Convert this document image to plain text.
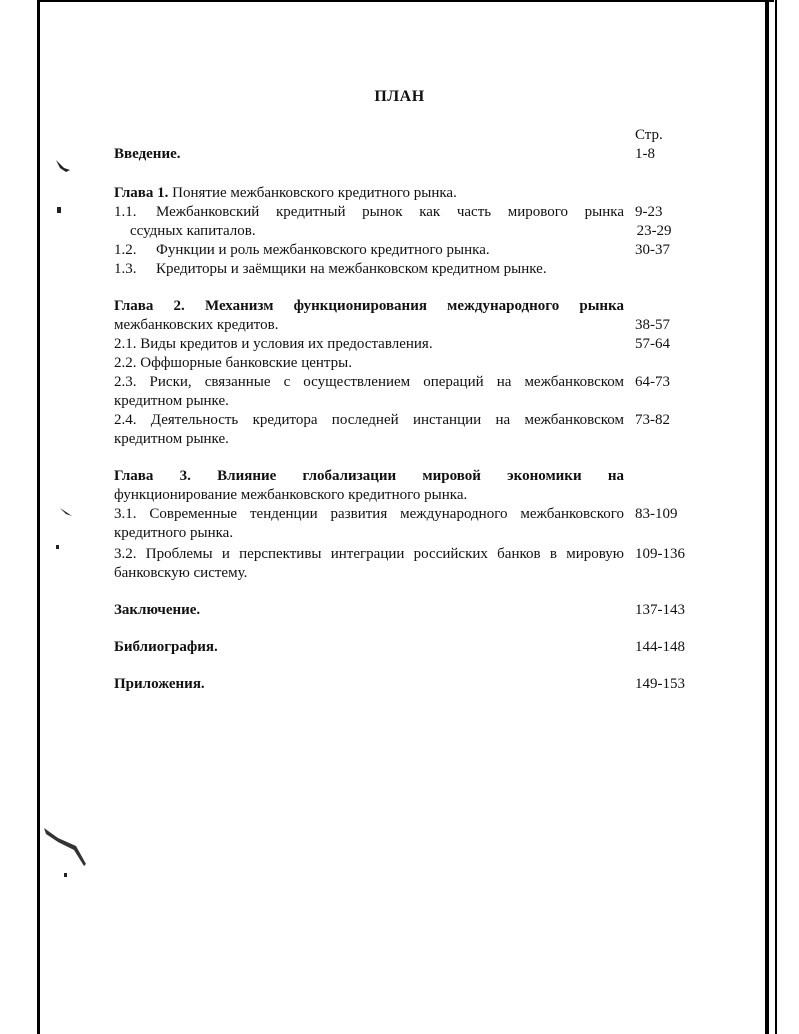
ПЛАН
Стр.
Введение.	1-8
Глава 1. Понятие межбанковского кредитного рынка.
1.1. Межбанковский кредитный рынок как часть мирового рынка 9-23
ссудных капиталов.	23-29
1.2. Функции и роль межбанковского кредитного рынка.	30-37
1.3. Кредиторы и заёмщики на межбанковском кредитном рынке.
Глава 2. Механизм функционирования международного рынка
межбанковских кредитов.	38-57
2.1. Виды кредитов и условия их предоставления.	57-64
2.2. Оффшорные банковские центры.
2.3. Риски, связанные с осуществлением операций на межбанковском 64-73
кредитном рынке.
2.4. Деятельность кредитора последней инстанции на межбанковском 73-82
кредитном рынке.
Глава 3. Влияние глобализации мировой экономики на
функционирование межбанковского кредитного рынка.
3.1. Современные тенденции развития международного межбанковского 83-109
кредитного рынка.
3.2. Проблемы и перспективы интеграции российских банков в мировую 109-136
банковскую систему.
Заключение.	137-143
Библиография.	144-148
Приложения.	149-153
